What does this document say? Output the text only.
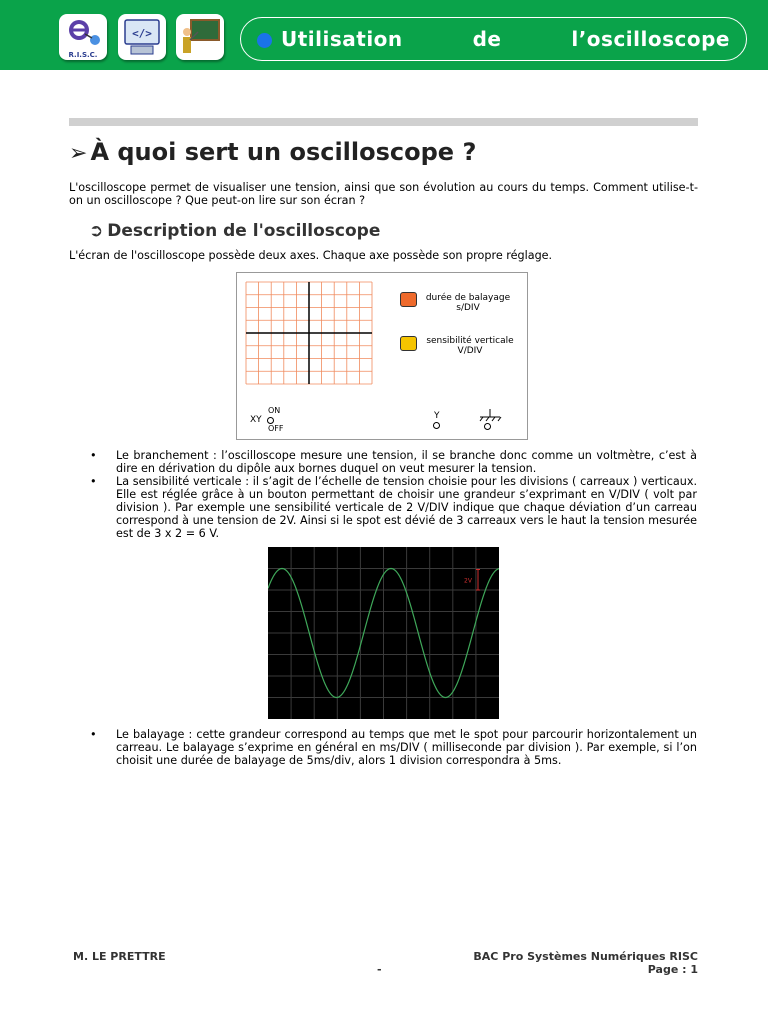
R.I.S.C.
</>	Utilisation	de	l’oscilloscope
➢ À quoi sert un oscilloscope ?
L'oscilloscope permet de visualiser une tension, ainsi que son évolution au cours du temps. Comment utilise-t-on un oscilloscope ? Que peut-on lire sur son écran ?
➲ Description de l'oscilloscope
L'écran de l'oscilloscope possède deux axes. Chaque axe possède son propre réglage.
durée de balayage
s/DIV
sensibilité verticale
V/DIV
ON
XY
OFF
Y
• Le branchement : l’oscilloscope mesure une tension, il se branche donc comme un voltmètre, c’est à dire en dérivation du dipôle aux bornes duquel on veut mesurer la tension.
• La sensibilité verticale : il s’agit de l’échelle de tension choisie pour les divisions ( carreaux ) verticaux. Elle est réglée grâce à un bouton permettant de choisir une grandeur s’exprimant en V/DIV ( volt par division ). Par exemple une sensibilité verticale de 2 V/DIV indique que chaque déviation d’un carreau correspond à une tension de 2V. Ainsi si le spot est dévié de 3 carreaux vers le haut la tension mesurée est de 3 x 2 = 6 V.
2V
• Le balayage : cette grandeur correspond au temps que met le spot pour parcourir horizontalement un carreau. Le balayage s’exprime en général en ms/DIV ( milliseconde par division ). Par exemple, si l’on choisit une durée de balayage de 5ms/div, alors 1 division correspondra à 5ms.
M. LE PRETTRE	BAC Pro Systèmes Numériques RISC
-	Page : 1
